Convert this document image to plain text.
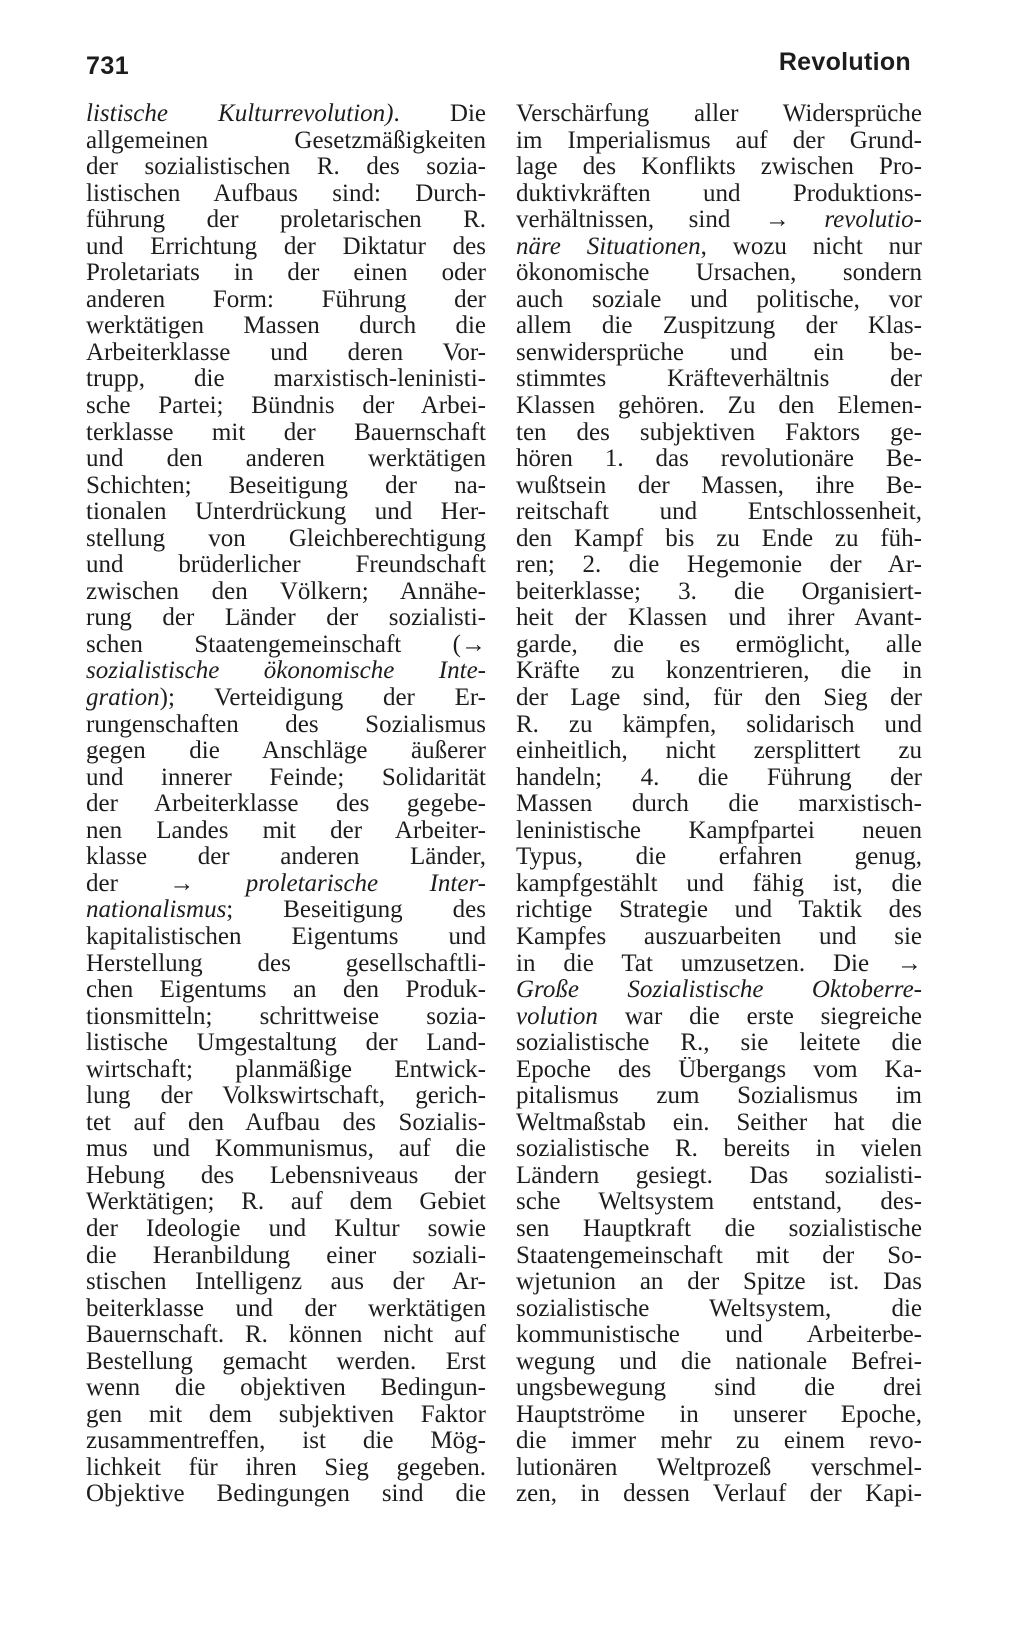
731	Revolution
listische Kulturrevolution). Die
allgemeinen Gesetzmäßigkeiten
der sozialistischen R. des sozia-
listischen Aufbaus sind: Durch-
führung der proletarischen R.
und Errichtung der Diktatur des
Proletariats in der einen oder
anderen Form: Führung der
werktätigen Massen durch die
Arbeiterklasse und deren Vor-
trupp, die marxistisch-leninisti-
sche Partei; Bündnis der Arbei-
terklasse mit der Bauernschaft
und den anderen werktätigen
Schichten; Beseitigung der na-
tionalen Unterdrückung und Her-
stellung von Gleichberechtigung
und brüderlicher Freundschaft
zwischen den Völkern; Annähe-
rung der Länder der sozialisti-
schen Staatengemeinschaft (→
sozialistische ökonomische Inte-
gration); Verteidigung der Er-
rungenschaften des Sozialismus
gegen die Anschläge äußerer
und innerer Feinde; Solidarität
der Arbeiterklasse des gegebe-
nen Landes mit der Arbeiter-
klasse der anderen Länder,
der → proletarische Inter-
nationalismus; Beseitigung des
kapitalistischen Eigentums und
Herstellung des gesellschaftli-
chen Eigentums an den Produk-
tionsmitteln; schrittweise sozia-
listische Umgestaltung der Land-
wirtschaft; planmäßige Entwick-
lung der Volkswirtschaft, gerich-
tet auf den Aufbau des Sozialis-
mus und Kommunismus, auf die
Hebung des Lebensniveaus der
Werktätigen; R. auf dem Gebiet
der Ideologie und Kultur sowie
die Heranbildung einer soziali-
stischen Intelligenz aus der Ar-
beiterklasse und der werktätigen
Bauernschaft. R. können nicht auf
Bestellung gemacht werden. Erst
wenn die objektiven Bedingun-
gen mit dem subjektiven Faktor
zusammentreffen, ist die Mög-
lichkeit für ihren Sieg gegeben.
Objektive Bedingungen sind die
Verschärfung aller Widersprüche
im Imperialismus auf der Grund-
lage des Konflikts zwischen Pro-
duktivkräften und Produktions-
verhältnissen, sind → revolutio-
näre Situationen, wozu nicht nur
ökonomische Ursachen, sondern
auch soziale und politische, vor
allem die Zuspitzung der Klas-
senwidersprüche und ein be-
stimmtes Kräfteverhältnis der
Klassen gehören. Zu den Elemen-
ten des subjektiven Faktors ge-
hören 1. das revolutionäre Be-
wußtsein der Massen, ihre Be-
reitschaft und Entschlossenheit,
den Kampf bis zu Ende zu füh-
ren; 2. die Hegemonie der Ar-
beiterklasse; 3. die Organisiert-
heit der Klassen und ihrer Avant-
garde, die es ermöglicht, alle
Kräfte zu konzentrieren, die in
der Lage sind, für den Sieg der
R. zu kämpfen, solidarisch und
einheitlich, nicht zersplittert zu
handeln; 4. die Führung der
Massen durch die marxistisch-
leninistische Kampfpartei neuen
Typus, die erfahren genug,
kampfgestählt und fähig ist, die
richtige Strategie und Taktik des
Kampfes auszuarbeiten und sie
in die Tat umzusetzen. Die →
Große Sozialistische Oktoberre-
volution war die erste siegreiche
sozialistische R., sie leitete die
Epoche des Übergangs vom Ka-
pitalismus zum Sozialismus im
Weltmaßstab ein. Seither hat die
sozialistische R. bereits in vielen
Ländern gesiegt. Das sozialisti-
sche Weltsystem entstand, des-
sen Hauptkraft die sozialistische
Staatengemeinschaft mit der So-
wjetunion an der Spitze ist. Das
sozialistische Weltsystem, die
kommunistische und Arbeiterbe-
wegung und die nationale Befrei-
ungsbewegung sind die drei
Hauptströme in unserer Epoche,
die immer mehr zu einem revo-
lutionären Weltprozeß verschmel-
zen, in dessen Verlauf der Kapi-
